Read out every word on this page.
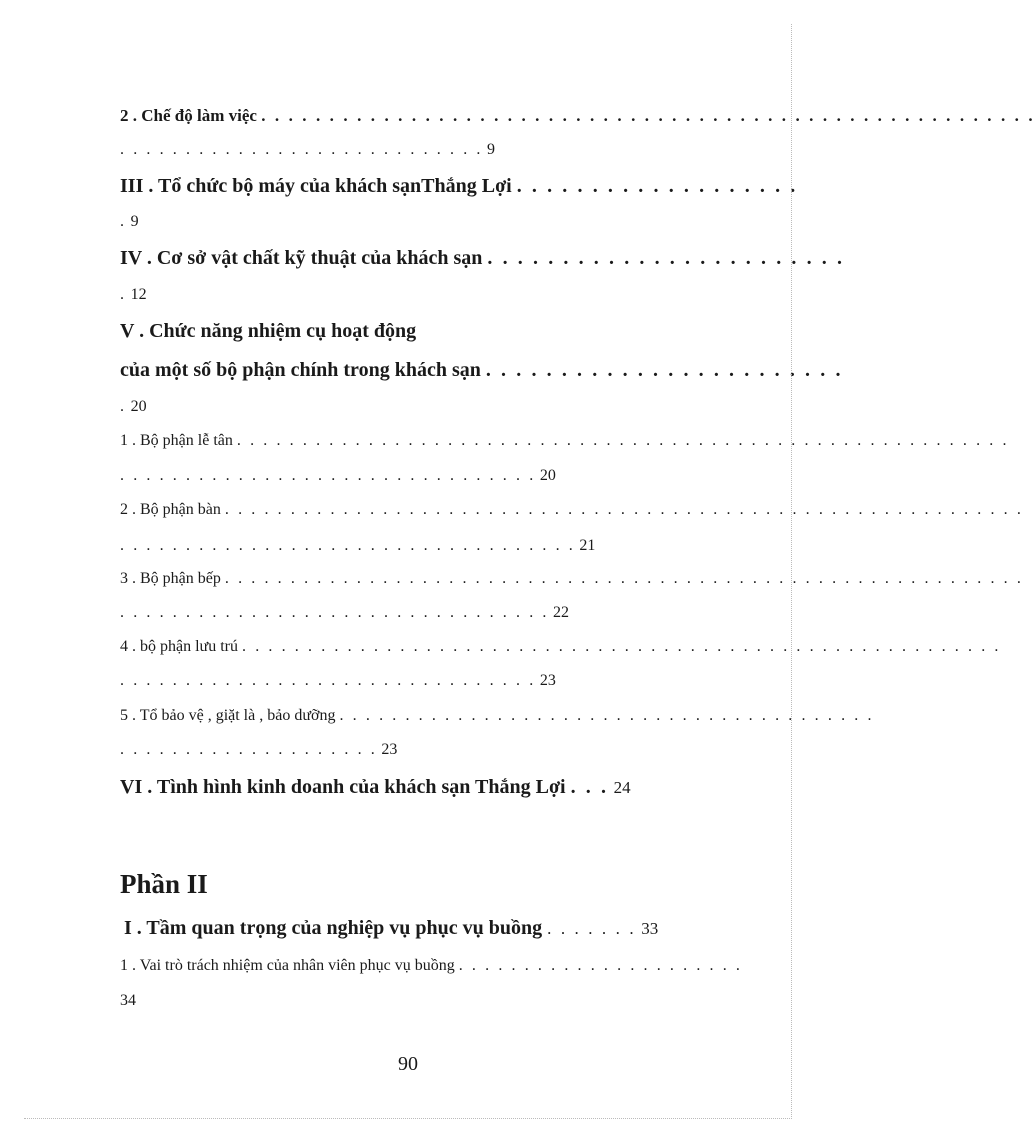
2 . Chế độ làm việc . . . . . . . . . . . . . . . . . . . . . . . . . . . . . . . . . . . . . . . . . . . . . . . . . . . . . . . . .
. . . . . . . . . . . . . . . . . . . . . . . . . . . . 9
III . Tổ chức bộ máy của khách sạnThắng Lợi . . . . . . . . . . . . . . . . . . .
. 9
IV . Cơ sở vật chất kỹ thuật của khách sạn . . . . . . . . . . . . . . . . . . . . . . . .
. 12
V . Chức năng nhiệm cụ hoạt động
của một số bộ phận chính trong khách sạn . . . . . . . . . . . . . . . . . . . . . . . .
. 20
1 . Bộ phận lễ tân . . . . . . . . . . . . . . . . . . . . . . . . . . . . . . . . . . . . . . . . . . . . . . . . . . . . . . . . . . .
. . . . . . . . . . . . . . . . . . . . . . . . . . . . . . . . 20
2 . Bộ phận bàn . . . . . . . . . . . . . . . . . . . . . . . . . . . . . . . . . . . . . . . . . . . . . . . . . . . . . . . . . . . . .
. . . . . . . . . . . . . . . . . . . . . . . . . . . . . . . . . . . 21
3 . Bộ phận bếp . . . . . . . . . . . . . . . . . . . . . . . . . . . . . . . . . . . . . . . . . . . . . . . . . . . . . . . . . . . . .
. . . . . . . . . . . . . . . . . . . . . . . . . . . . . . . . . 22
4 . bộ phận lưu trú . . . . . . . . . . . . . . . . . . . . . . . . . . . . . . . . . . . . . . . . . . . . . . . . . . . . . . . . . .
. . . . . . . . . . . . . . . . . . . . . . . . . . . . . . . . 23
5 . Tổ bảo vệ , giặt là , bảo dưỡng . . . . . . . . . . . . . . . . . . . . . . . . . . . . . . . . . . . . . . . . .
. . . . . . . . . . . . . . . . . . . . 23
VI . Tình hình kinh doanh của khách sạn Thắng Lợi . . . 24
Phần II
I . Tầm quan trọng của nghiệp vụ phục vụ buồng . . . . . . . 33
1 . Vai trò trách nhiệm của nhân viên phục vụ buồng . . . . . . . . . . . . . . . . . . . . . .
34
90
